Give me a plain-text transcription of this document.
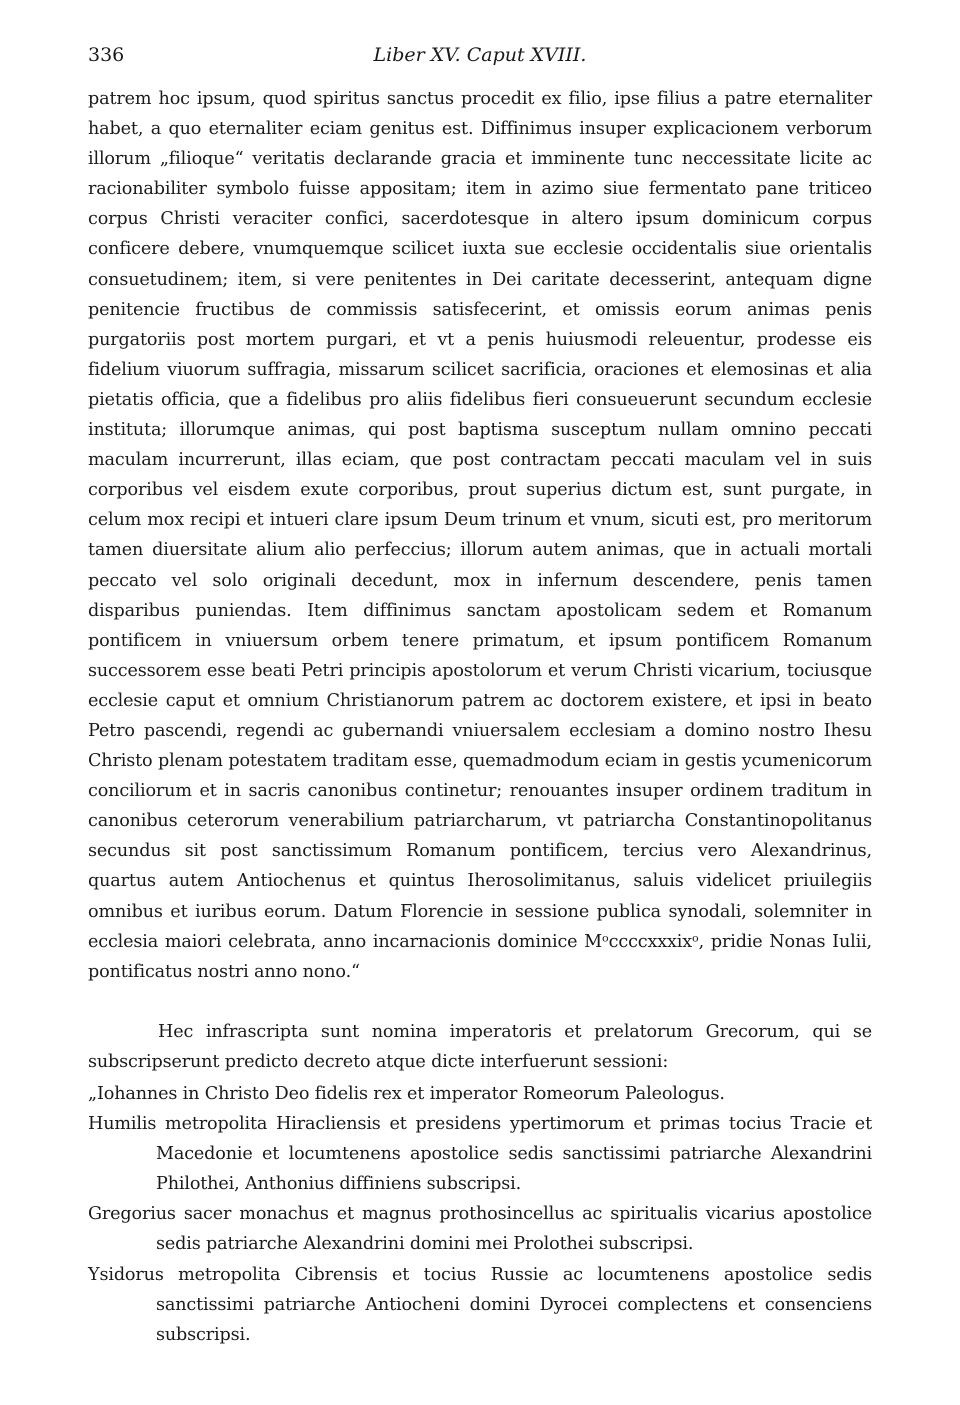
336	Liber XV. Caput XVIII.

patrem hoc ipsum, quod spiritus sanctus procedit ex filio, ipse filius a patre eternaliter habet, a quo eternaliter eciam genitus est. Diffinimus insuper explicacionem verborum illorum „filioque“ veritatis declarande gracia et imminente tunc neccessitate licite ac racionabiliter symbolo fuisse appositam; item in azimo siue fermentato pane triticeo corpus Christi veraciter confici, sacerdotesque in altero ipsum dominicum corpus conficere debere, vnumquemque scilicet iuxta sue ecclesie occidentalis siue orientalis consuetudinem; item, si vere penitentes in Dei caritate decesserint, antequam digne penitencie fructibus de commissis satisfecerint, et omissis eorum animas penis purgatoriis post mortem purgari, et vt a penis huiusmodi releuentur, prodesse eis fidelium viuorum suffragia, missarum scilicet sacrificia, oraciones et elemosinas et alia pietatis officia, que a fidelibus pro aliis fidelibus fieri consueuerunt secundum ecclesie instituta; illorumque animas, qui post baptisma susceptum nullam omnino peccati maculam incurrerunt, illas eciam, que post contractam peccati maculam vel in suis corporibus vel eisdem exute corporibus, prout superius dictum est, sunt purgate, in celum mox recipi et intueri clare ipsum Deum trinum et vnum, sicuti est, pro meritorum tamen diuersitate alium alio perfeccius; illorum autem animas, que in actuali mortali peccato vel solo originali decedunt, mox in infernum descendere, penis tamen disparibus puniendas. Item diffinimus sanctam apostolicam sedem et Romanum pontificem in vniuersum orbem tenere primatum, et ipsum pontificem Romanum successorem esse beati Petri principis apostolorum et verum Christi vicarium, tociusque ecclesie caput et omnium Christianorum patrem ac doctorem existere, et ipsi in beato Petro pascendi, regendi ac gubernandi vniuersalem ecclesiam a domino nostro Ihesu Christo plenam potestatem traditam esse, quemadmodum eciam in gestis ycumenicorum conciliorum et in sacris canonibus continetur; renouantes insuper ordinem traditum in canonibus ceterorum venerabilium patriarcharum, vt patriarcha Constantinopolitanus secundus sit post sanctissimum Romanum pontificem, tercius vero Alexandrinus, quartus autem Antiochenus et quintus Iherosolimitanus, saluis videlicet priuilegiis omnibus et iuribus eorum. Datum Florencie in sessione publica synodali, solemniter in ecclesia maiori celebrata, anno incarnacionis dominice Mᵒccccxxxixᵒ, pridie Nonas Iulii, pontificatus nostri anno nono.“

Hec infrascripta sunt nomina imperatoris et prelatorum Grecorum, qui se subscripserunt predicto decreto atque dicte interfuerunt sessioni:

„Iohannes in Christo Deo fidelis rex et imperator Romeorum Paleologus.

Humilis metropolita Hiracliensis et presidens ypertimorum et primas tocius Tracie et Macedonie et locumtenens apostolice sedis sanctissimi patriarche Alexandrini Philothei, Anthonius diffiniens subscripsi.

Gregorius sacer monachus et magnus prothosincellus ac spiritualis vicarius apostolice sedis patriarche Alexandrini domini mei Prolothei subscripsi.

Ysidorus metropolita Cibrensis et tocius Russie ac locumtenens apostolice sedis sanctissimi patriarche Antiocheni domini Dyrocei complectens et consenciens subscripsi.
